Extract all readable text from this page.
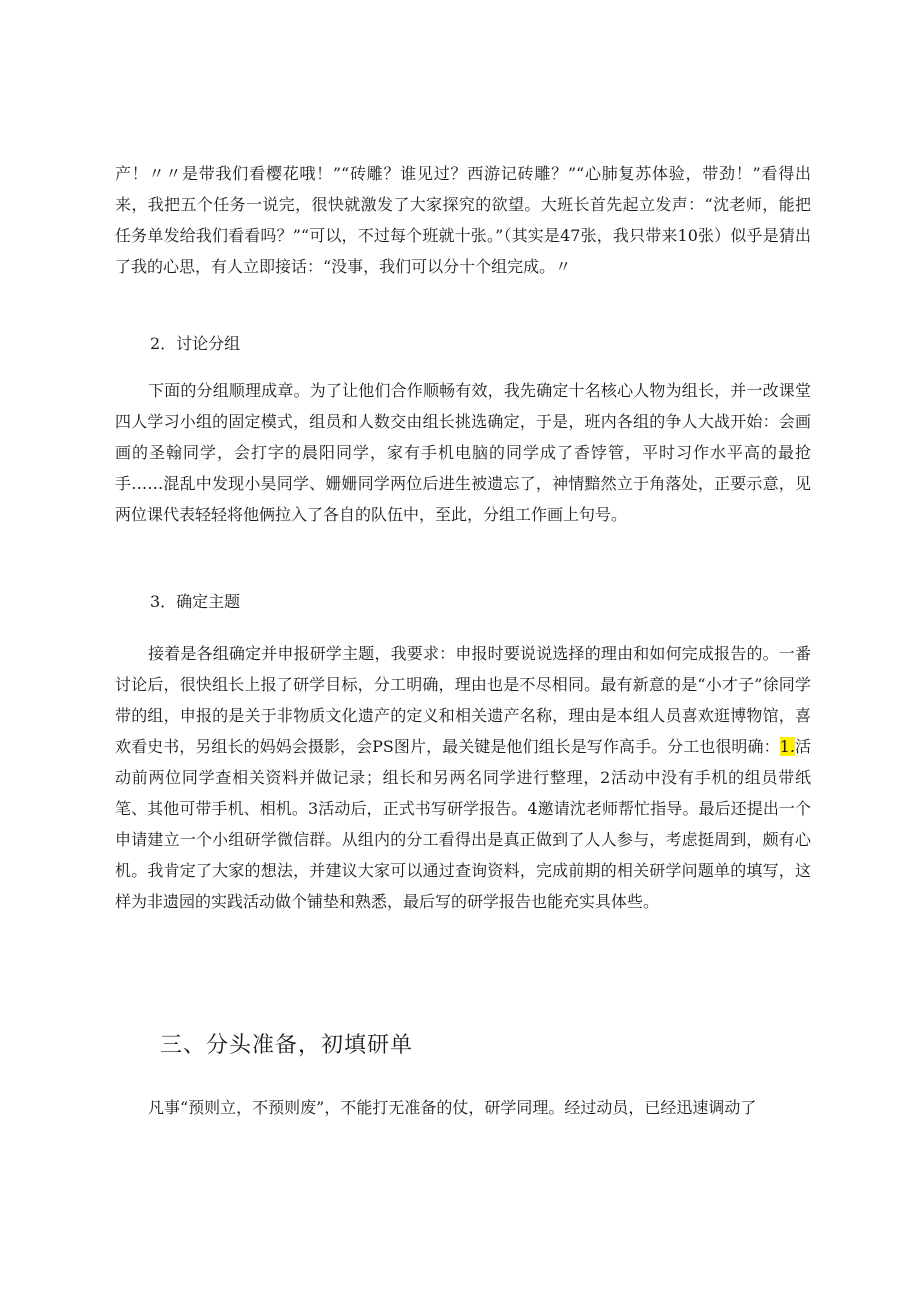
产！〃〃是带我们看樱花哦！”“砖雕？谁见过？西游记砖雕？”“心肺复苏体验，带劲！”看得出来，我把五个任务一说完，很快就激发了大家探究的欲望。大班长首先起立发声：“沈老师，能把任务单发给我们看看吗？”“可以，不过每个班就十张。”（其实是47张，我只带来10张）似乎是猜出了我的心思，有人立即接话：“没事，我们可以分十个组完成。〃

2．讨论分组

下面的分组顺理成章。为了让他们合作顺畅有效，我先确定十名核心人物为组长，并一改课堂四人学习小组的固定模式，组员和人数交由组长挑选确定，于是，班内各组的争人大战开始：会画画的圣翰同学，会打字的晨阳同学，家有手机电脑的同学成了香饽管，平时习作水平高的最抢手……混乱中发现小昊同学、姗姗同学两位后进生被遗忘了，神情黯然立于角落处，正要示意，见两位课代表轻轻将他俩拉入了各自的队伍中，至此，分组工作画上句号。

3．确定主题

接着是各组确定并申报研学主题，我要求：申报时要说说选择的理由和如何完成报告的。一番讨论后，很快组长上报了研学目标，分工明确，理由也是不尽相同。最有新意的是“小才子”徐同学带的组，申报的是关于非物质文化遗产的定义和相关遗产名称，理由是本组人员喜欢逛博物馆，喜欢看史书，另组长的妈妈会摄影，会PS图片，最关键是他们组长是写作高手。分工也很明确：1.活动前两位同学查相关资料并做记录；组长和另两名同学进行整理，2活动中没有手机的组员带纸笔、其他可带手机、相机。3活动后，正式书写研学报告。4邀请沈老师帮忙指导。最后还提出一个申请建立一个小组研学微信群。从组内的分工看得出是真正做到了人人参与，考虑挺周到，颇有心机。我肯定了大家的想法，并建议大家可以通过查询资料，完成前期的相关研学问题单的填写，这样为非遗园的实践活动做个铺垫和熟悉，最后写的研学报告也能充实具体些。

三、分头准备，初填研单

凡事“预则立，不预则废”，不能打无准备的仗，研学同理。经过动员，已经迅速调动了
